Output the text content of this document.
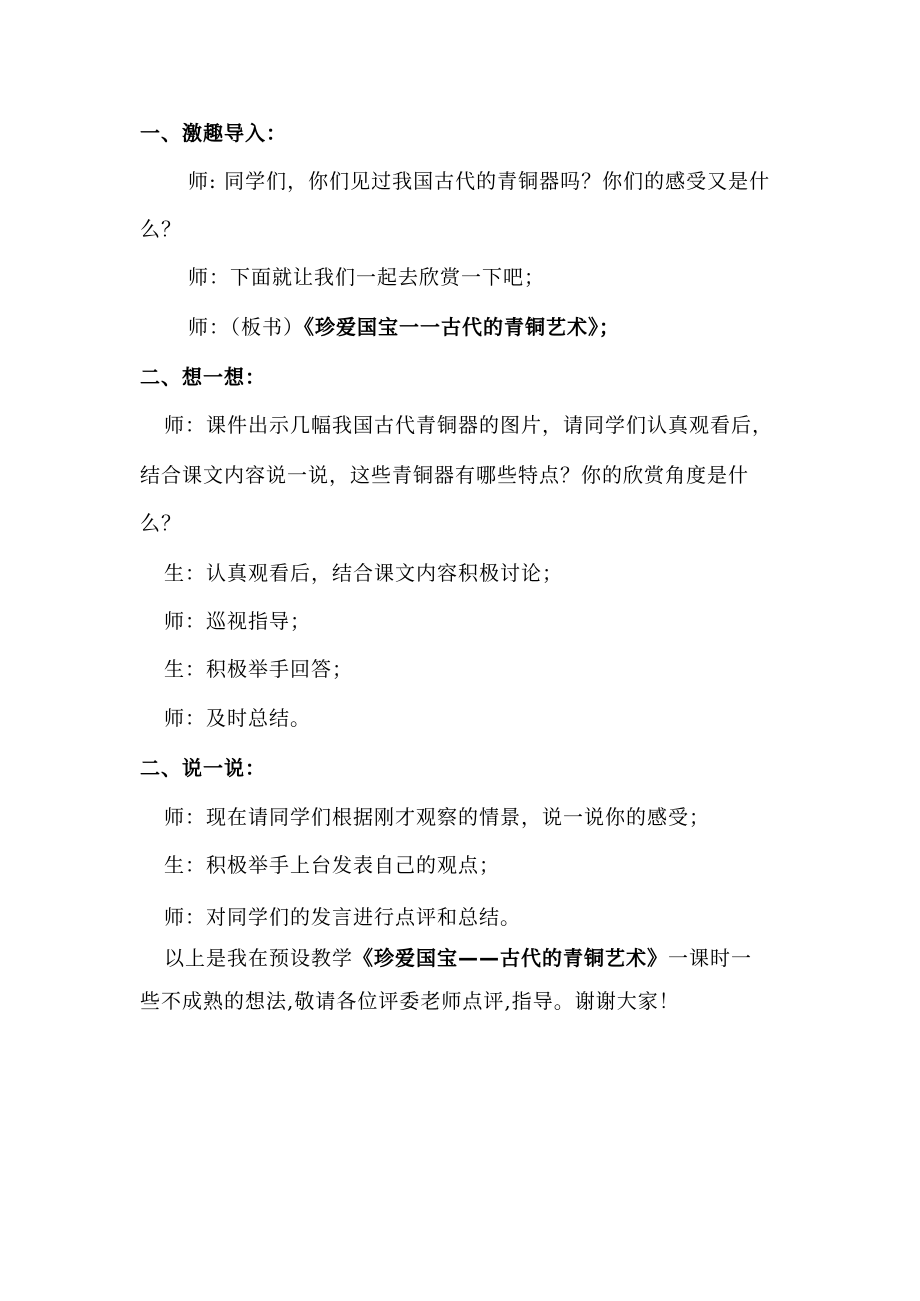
一、激趣导入：
师: 同学们，你们见过我国古代的青铜器吗？你们的感受又是什
么？
师：下面就让我们一起去欣赏一下吧；
师：（板书）《珍爱国宝一一古代的青铜艺术》；
二、想一想：
师：课件出示几幅我国古代青铜器的图片，请同学们认真观看后，
结合课文内容说一说，这些青铜器有哪些特点？你的欣赏角度是什
么？
生：认真观看后，结合课文内容积极讨论；
师：巡视指导；
生：积极举手回答；
师：及时总结。
二、说一说：
师：现在请同学们根据刚才观察的情景，说一说你的感受；
生：积极举手上台发表自己的观点；
师：对同学们的发言进行点评和总结。
以上是我在预设教学《珍爱国宝——古代的青铜艺术》一课时一
些不成熟的想法,敬请各位评委老师点评,指导。谢谢大家！
